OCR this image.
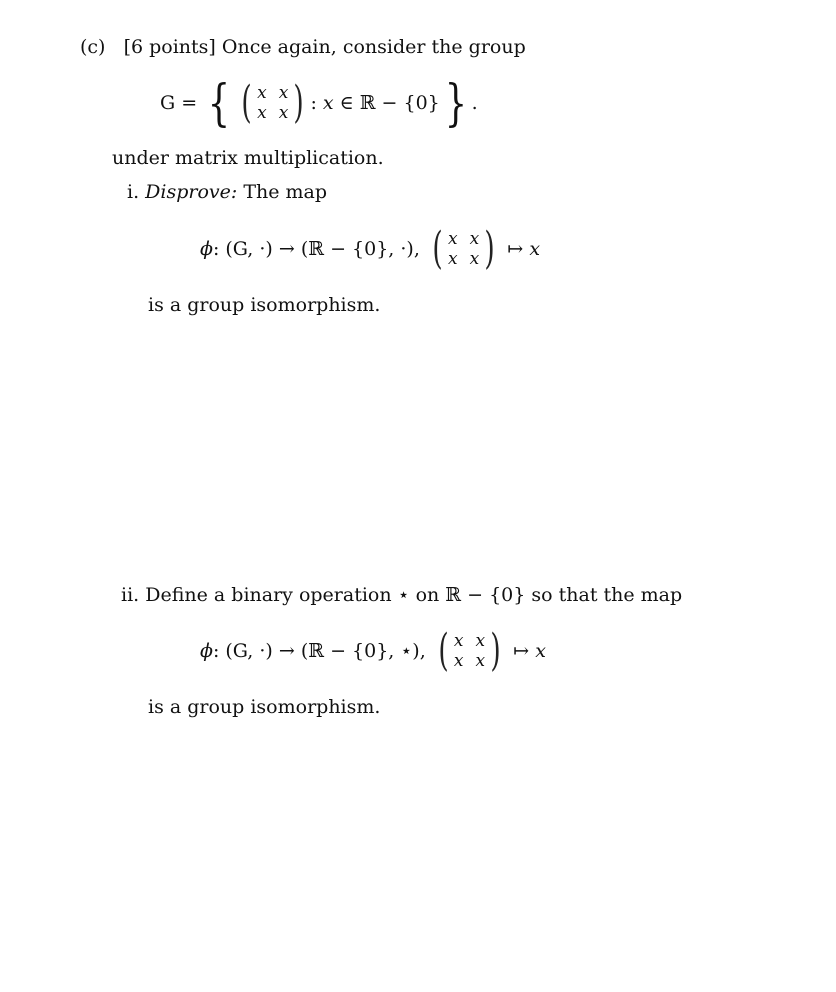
(c) [6 points] Once again, consider the group
G = { ( x x
x x ) : x ∈ ℝ − {0} } .
under matrix multiplication.
i. Disprove: The map
ϕ : (G, ·) → (ℝ − {0}, ·), ( x x
x x ) ↦ x
is a group isomorphism.
ii. Define a binary operation ⋆ on ℝ − {0} so that the map
ϕ : (G, ·) → (ℝ − {0}, ⋆), ( x x
x x ) ↦ x
is a group isomorphism.
